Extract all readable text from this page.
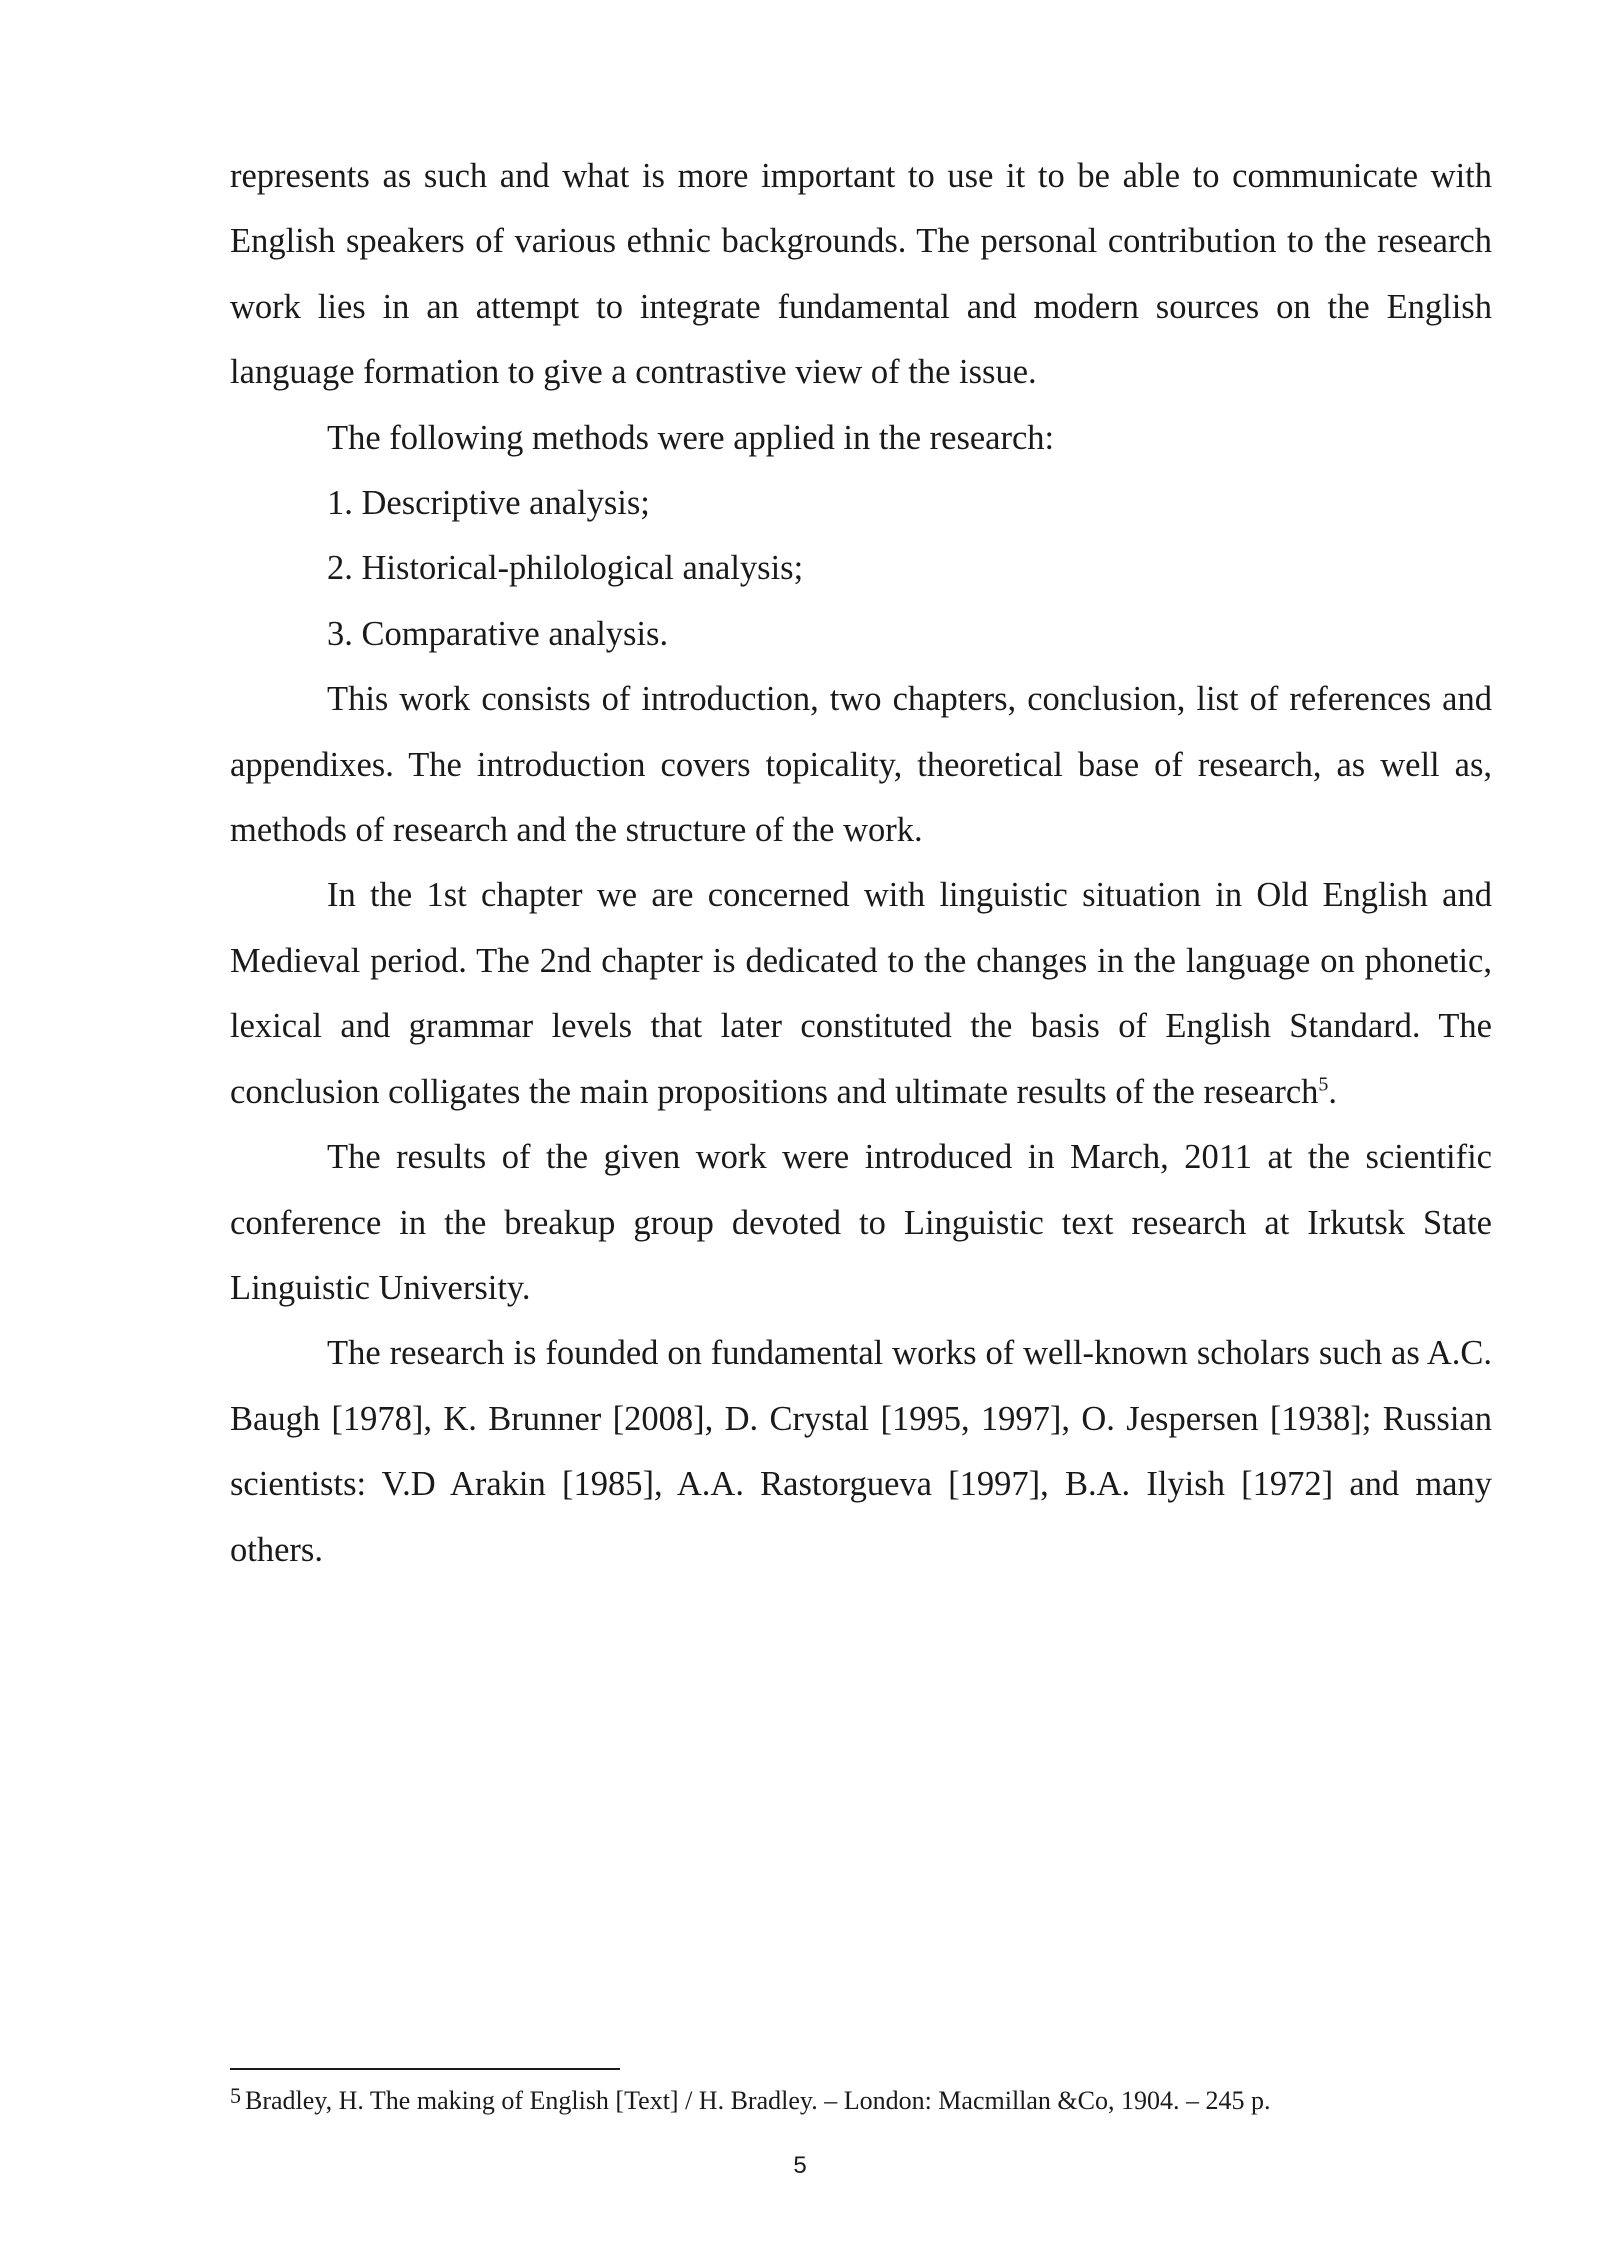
represents as such and what is more important to use it to be able to communicate with English speakers of various ethnic backgrounds. The personal contribution to the research work lies in an attempt to integrate fundamental and modern sources on the English language formation to give a contrastive view of the issue.

The following methods were applied in the research:

1. Descriptive analysis;

2. Historical-philological analysis;

3. Comparative analysis.

This work consists of introduction, two chapters, conclusion, list of references and appendixes. The introduction covers topicality, theoretical base of research, as well as, methods of research and the structure of the work.

In the 1st chapter we are concerned with linguistic situation in Old English and Medieval period. The 2nd chapter is dedicated to the changes in the language on phonetic, lexical and grammar levels that later constituted the basis of English Standard. The conclusion colligates the main propositions and ultimate results of the research$^5$.

The results of the given work were introduced in March, 2011 at the scientific conference in the breakup group devoted to Linguistic text research at Irkutsk State Linguistic University.

The research is founded on fundamental works of well-known scholars such as A.C. Baugh [1978], K. Brunner [2008], D. Crystal [1995, 1997], O. Jespersen [1938]; Russian scientists: V.D Arakin [1985], A.A. Rastorgueva [1997], B.A. Ilyish [1972] and many others.

$^5$ Bradley, H. The making of English [Text] / H. Bradley. – London: Macmillan &Co, 1904. – 245 p.
5
